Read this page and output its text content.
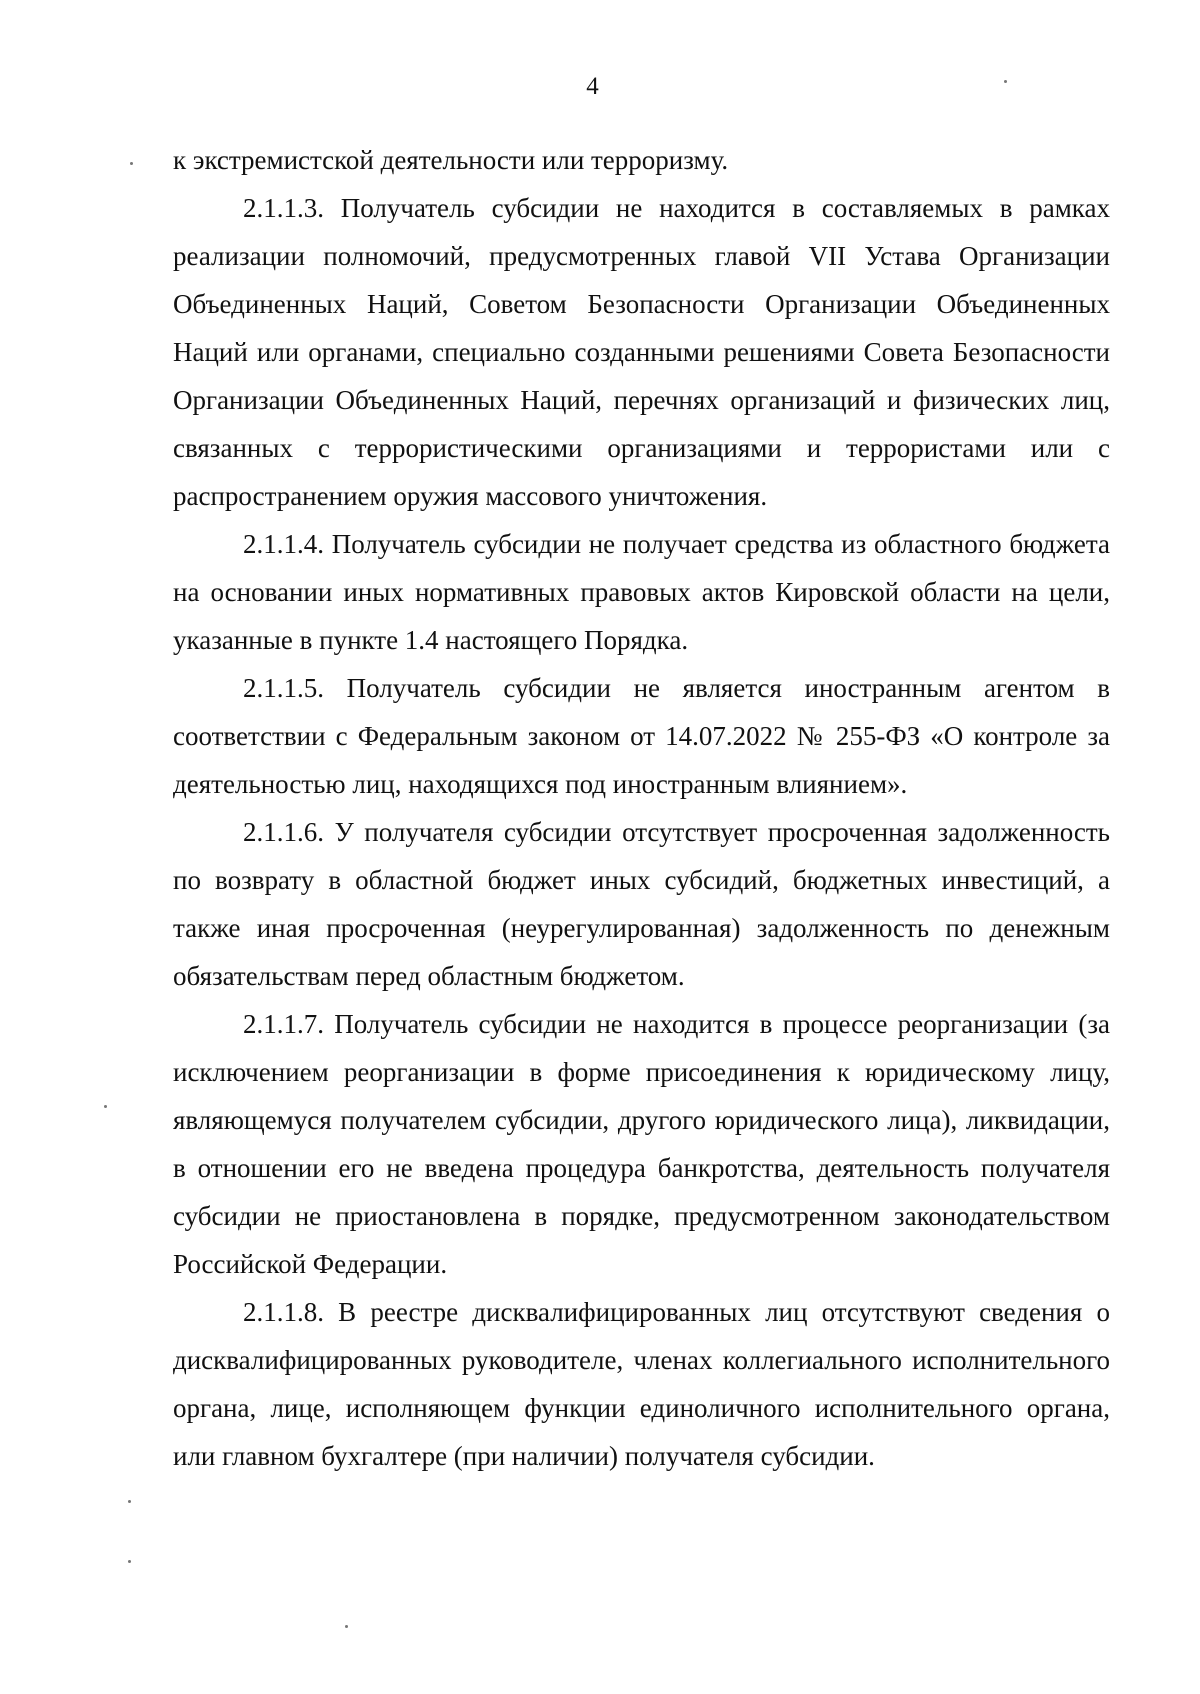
4

к экстремистской деятельности или терроризму.

2.1.1.3. Получатель субсидии не находится в составляемых в рамках реализации полномочий, предусмотренных главой VII Устава Организации Объединенных Наций, Советом Безопасности Организации Объединенных Наций или органами, специально созданными решениями Совета Безопасности Организации Объединенных Наций, перечнях организаций и физических лиц, связанных с террористическими организациями и террористами или с распространением оружия массового уничтожения.

2.1.1.4. Получатель субсидии не получает средства из областного бюджета на основании иных нормативных правовых актов Кировской области на цели, указанные в пункте 1.4 настоящего Порядка.

2.1.1.5. Получатель субсидии не является иностранным агентом в соответствии с Федеральным законом от 14.07.2022 № 255-ФЗ «О контроле за деятельностью лиц, находящихся под иностранным влиянием».

2.1.1.6. У получателя субсидии отсутствует просроченная задолженность по возврату в областной бюджет иных субсидий, бюджетных инвестиций, а также иная просроченная (неурегулированная) задолженность по денежным обязательствам перед областным бюджетом.

2.1.1.7. Получатель субсидии не находится в процессе реорганизации (за исключением реорганизации в форме присоединения к юридическому лицу, являющемуся получателем субсидии, другого юридического лица), ликвидации, в отношении его не введена процедура банкротства, деятельность получателя субсидии не приостановлена в порядке, предусмотренном законодательством Российской Федерации.

2.1.1.8. В реестре дисквалифицированных лиц отсутствуют сведения о дисквалифицированных руководителе, членах коллегиального исполнительного органа, лице, исполняющем функции единоличного исполнительного органа, или главном бухгалтере (при наличии) получателя субсидии.
